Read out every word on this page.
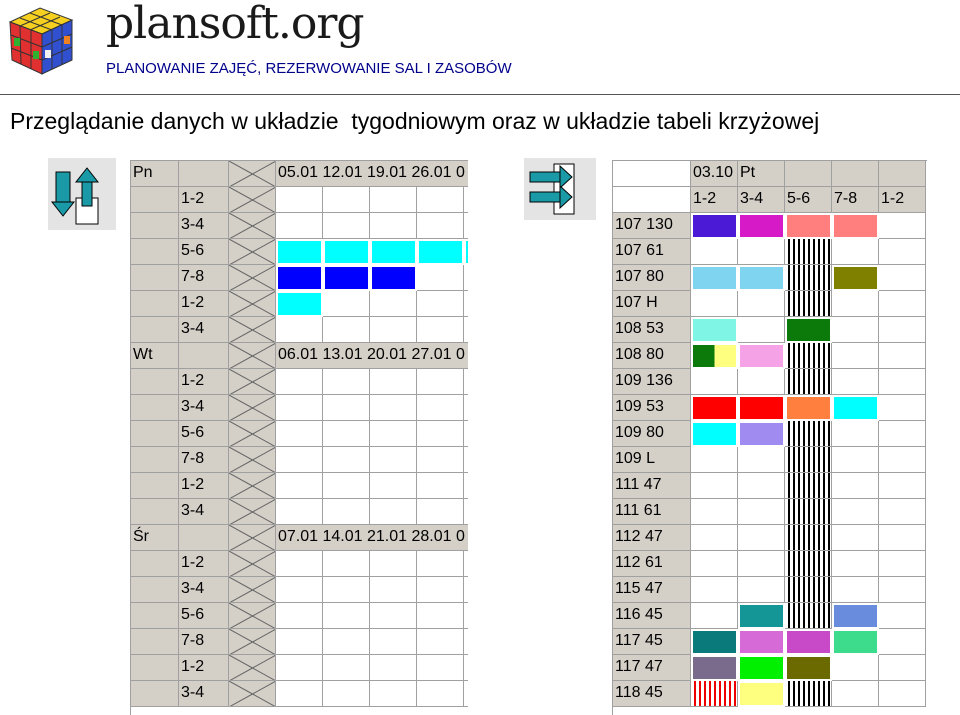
plansoft.org
PLANOWANIE ZAJĘĆ, REZERWOWANIE SAL I ZASOBÓW
Przeglądanie danych w układzie  tygodniowym oraz w układzie tabeli krzyżowej
Pn	05.01 12.01 19.01 26.01 0
1-2
3-4
5-6
7-8
1-2
3-4
Wt	06.01 13.01 20.01 27.01 0
1-2
3-4
5-6
7-8
1-2
3-4
Śr	07.01 14.01 21.01 28.01 0
1-2
3-4
5-6
7-8
1-2
3-4
03.10 Pt
1-2	3-4	5-6	7-8	1-2
107 130
107 61
107 80
107 H
108 53
108 80
109 136
109 53
109 80
109 L
111 47
111 61
112 47
112 61
115 47
116 45
117 45
117 47
118 45
